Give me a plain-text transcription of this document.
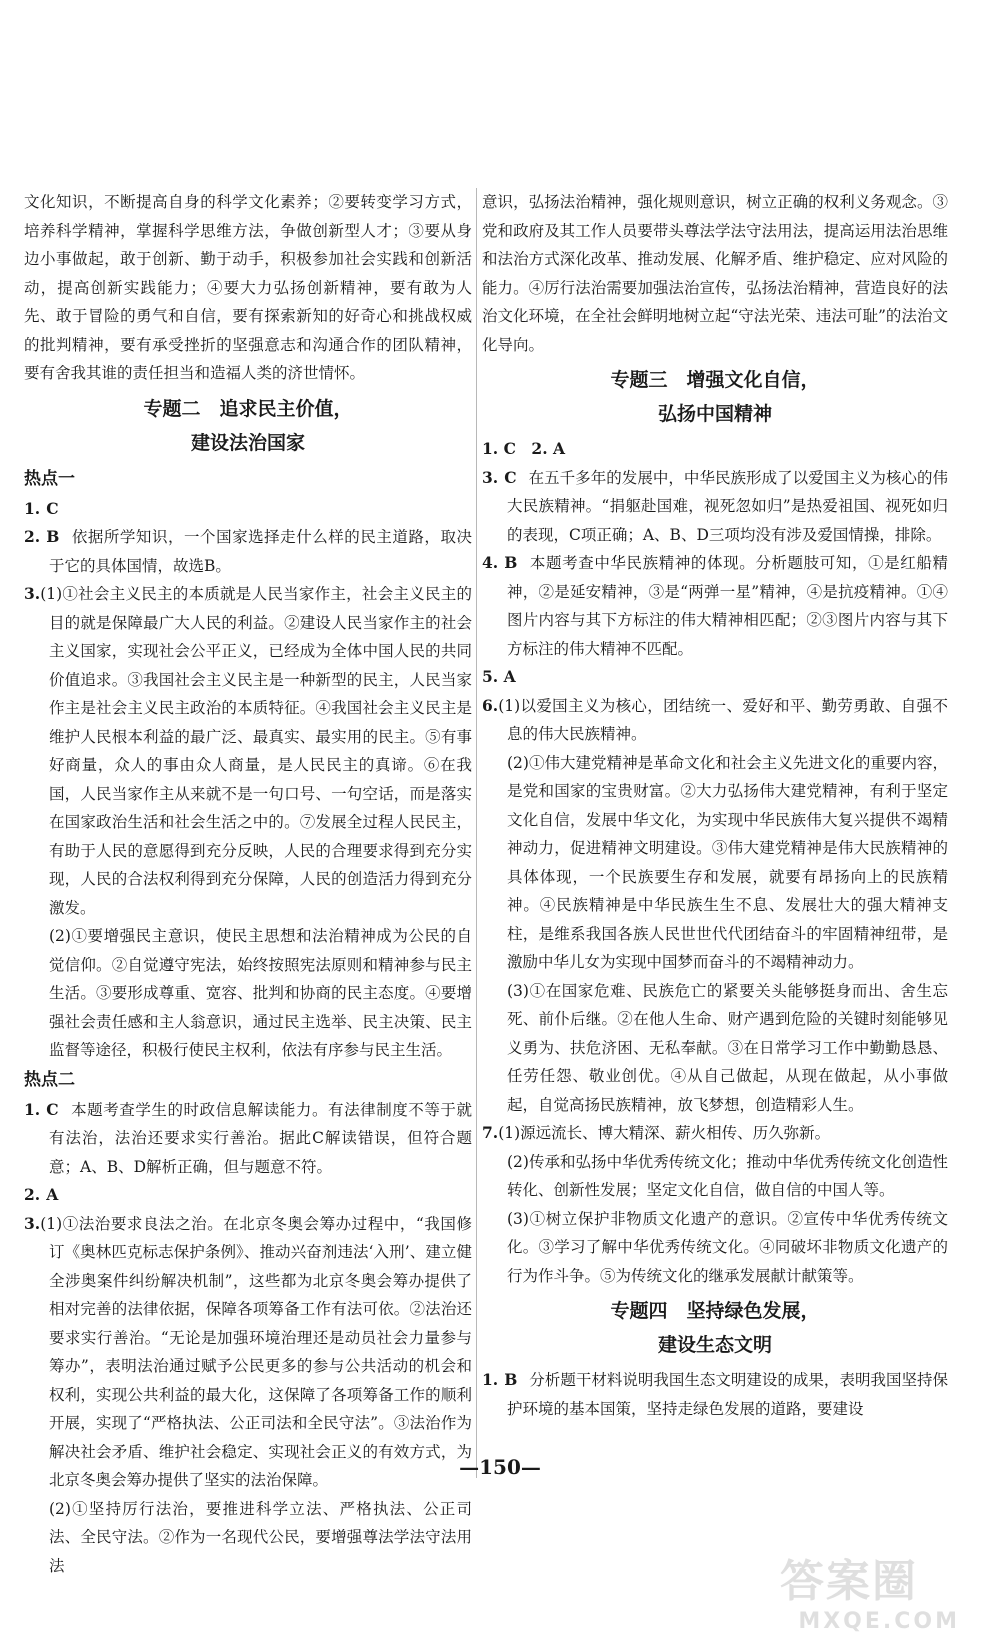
文化知识，不断提高自身的科学文化素养；②要转变学习方式，培养科学精神，掌握科学思维方法，争做创新型人才；③要从身边小事做起，敢于创新、勤于动手，积极参加社会实践和创新活动，提高创新实践能力；④要大力弘扬创新精神，要有敢为人先、敢于冒险的勇气和自信，要有探索新知的好奇心和挑战权威的批判精神，要有承受挫折的坚强意志和沟通合作的团队精神，要有舍我其谁的责任担当和造福人类的济世情怀。

专题二　追求民主价值，
建设法治国家
热点一

1. C

2. B 依据所学知识，一个国家选择走什么样的民主道路，取决于它的具体国情，故选B。

3.(1)①社会主义民主的本质就是人民当家作主，社会主义民主的目的就是保障最广大人民的利益。②建设人民当家作主的社会主义国家，实现社会公平正义，已经成为全体中国人民的共同价值追求。③我国社会主义民主是一种新型的民主，人民当家作主是社会主义民主政治的本质特征。④我国社会主义民主是维护人民根本利益的最广泛、最真实、最实用的民主。⑤有事好商量，众人的事由众人商量，是人民民主的真谛。⑥在我国，人民当家作主从来就不是一句口号、一句空话，而是落实在国家政治生活和社会生活之中的。⑦发展全过程人民民主，有助于人民的意愿得到充分反映，人民的合理要求得到充分实现，人民的合法权利得到充分保障，人民的创造活力得到充分激发。

(2)①要增强民主意识，使民主思想和法治精神成为公民的自觉信仰。②自觉遵守宪法，始终按照宪法原则和精神参与民主生活。③要形成尊重、宽容、批判和协商的民主态度。④要增强社会责任感和主人翁意识，通过民主选举、民主决策、民主监督等途径，积极行使民主权利，依法有序参与民主生活。

热点二

1. C 本题考查学生的时政信息解读能力。有法律制度不等于就有法治，法治还要求实行善治。据此C解读错误，但符合题意；A、B、D解析正确，但与题意不符。

2. A

3.(1)①法治要求良法之治。在北京冬奥会筹办过程中，“我国修订《奥林匹克标志保护条例》、推动兴奋剂违法‘入刑’、建立健全涉奥案件纠纷解决机制”，这些都为北京冬奥会筹办提供了相对完善的法律依据，保障各项筹备工作有法可依。②法治还要求实行善治。“无论是加强环境治理还是动员社会力量参与筹办”，表明法治通过赋予公民更多的参与公共活动的机会和权利，实现公共利益的最大化，这保障了各项筹备工作的顺利开展，实现了“严格执法、公正司法和全民守法”。③法治作为解决社会矛盾、维护社会稳定、实现社会正义的有效方式，为北京冬奥会筹办提供了坚实的法治保障。

(2)①坚持厉行法治，要推进科学立法、严格执法、公正司法、全民守法。②作为一名现代公民，要增强尊法学法守法用法

意识，弘扬法治精神，强化规则意识，树立正确的权利义务观念。③党和政府及其工作人员要带头尊法学法守法用法，提高运用法治思维和法治方式深化改革、推动发展、化解矛盾、维护稳定、应对风险的能力。④厉行法治需要加强法治宣传，弘扬法治精神，营造良好的法治文化环境，在全社会鲜明地树立起“守法光荣、违法可耻”的法治文化导向。

专题三　增强文化自信，
弘扬中国精神

1. C　2. A

3. C 在五千多年的发展中，中华民族形成了以爱国主义为核心的伟大民族精神。“捐躯赴国难，视死忽如归”是热爱祖国、视死如归的表现，C项正确；A、B、D三项均没有涉及爱国情操，排除。

4. B 本题考查中华民族精神的体现。分析题肢可知，①是红船精神，②是延安精神，③是“两弹一星”精神，④是抗疫精神。①④图片内容与其下方标注的伟大精神相匹配；②③图片内容与其下方标注的伟大精神不匹配。

5. A

6.(1)以爱国主义为核心，团结统一、爱好和平、勤劳勇敢、自强不息的伟大民族精神。

(2)①伟大建党精神是革命文化和社会主义先进文化的重要内容，是党和国家的宝贵财富。②大力弘扬伟大建党精神，有利于坚定文化自信，发展中华文化，为实现中华民族伟大复兴提供不竭精神动力，促进精神文明建设。③伟大建党精神是伟大民族精神的具体体现，一个民族要生存和发展，就要有昂扬向上的民族精神。④民族精神是中华民族生生不息、发展壮大的强大精神支柱，是维系我国各族人民世世代代团结奋斗的牢固精神纽带，是激励中华儿女为实现中国梦而奋斗的不竭精神动力。

(3)①在国家危难、民族危亡的紧要关头能够挺身而出、舍生忘死、前仆后继。②在他人生命、财产遇到危险的关键时刻能够见义勇为、扶危济困、无私奉献。③在日常学习工作中勤勤恳恳、任劳任怨、敬业创优。④从自己做起，从现在做起，从小事做起，自觉高扬民族精神，放飞梦想，创造精彩人生。

7.(1)源远流长、博大精深、薪火相传、历久弥新。

(2)传承和弘扬中华优秀传统文化；推动中华优秀传统文化创造性转化、创新性发展；坚定文化自信，做自信的中国人等。

(3)①树立保护非物质文化遗产的意识。②宣传中华优秀传统文化。③学习了解中华优秀传统文化。④同破坏非物质文化遗产的行为作斗争。⑤为传统文化的继承发展献计献策等。

专题四　坚持绿色发展，
建设生态文明

1. B 分析题干材料说明我国生态文明建设的成果，表明我国坚持保护环境的基本国策，坚持走绿色发展的道路，要建设

—150—
答案圈
MXQE.COM
